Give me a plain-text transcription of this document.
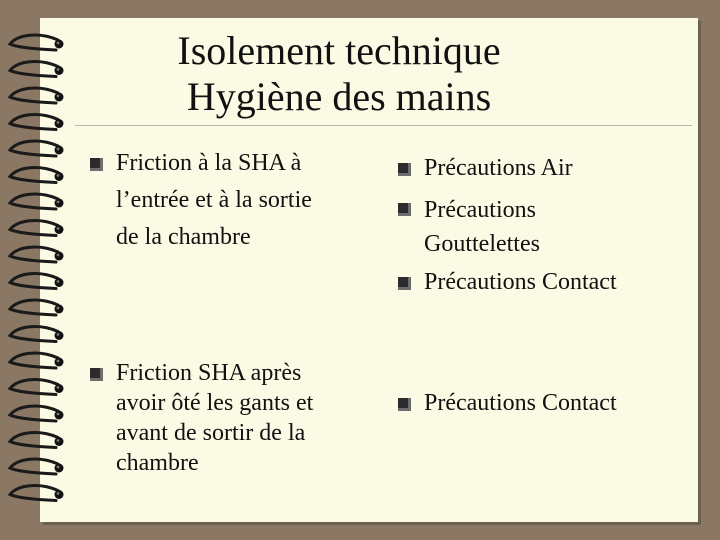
Isolement technique
Hygiène des mains
Friction à la SHA à
l’entrée et à la sortie
de la chambre
Friction SHA après
avoir ôté les gants et
avant de sortir de la
chambre
Précautions Air
Précautions
Gouttelettes
Précautions Contact
Précautions Contact
